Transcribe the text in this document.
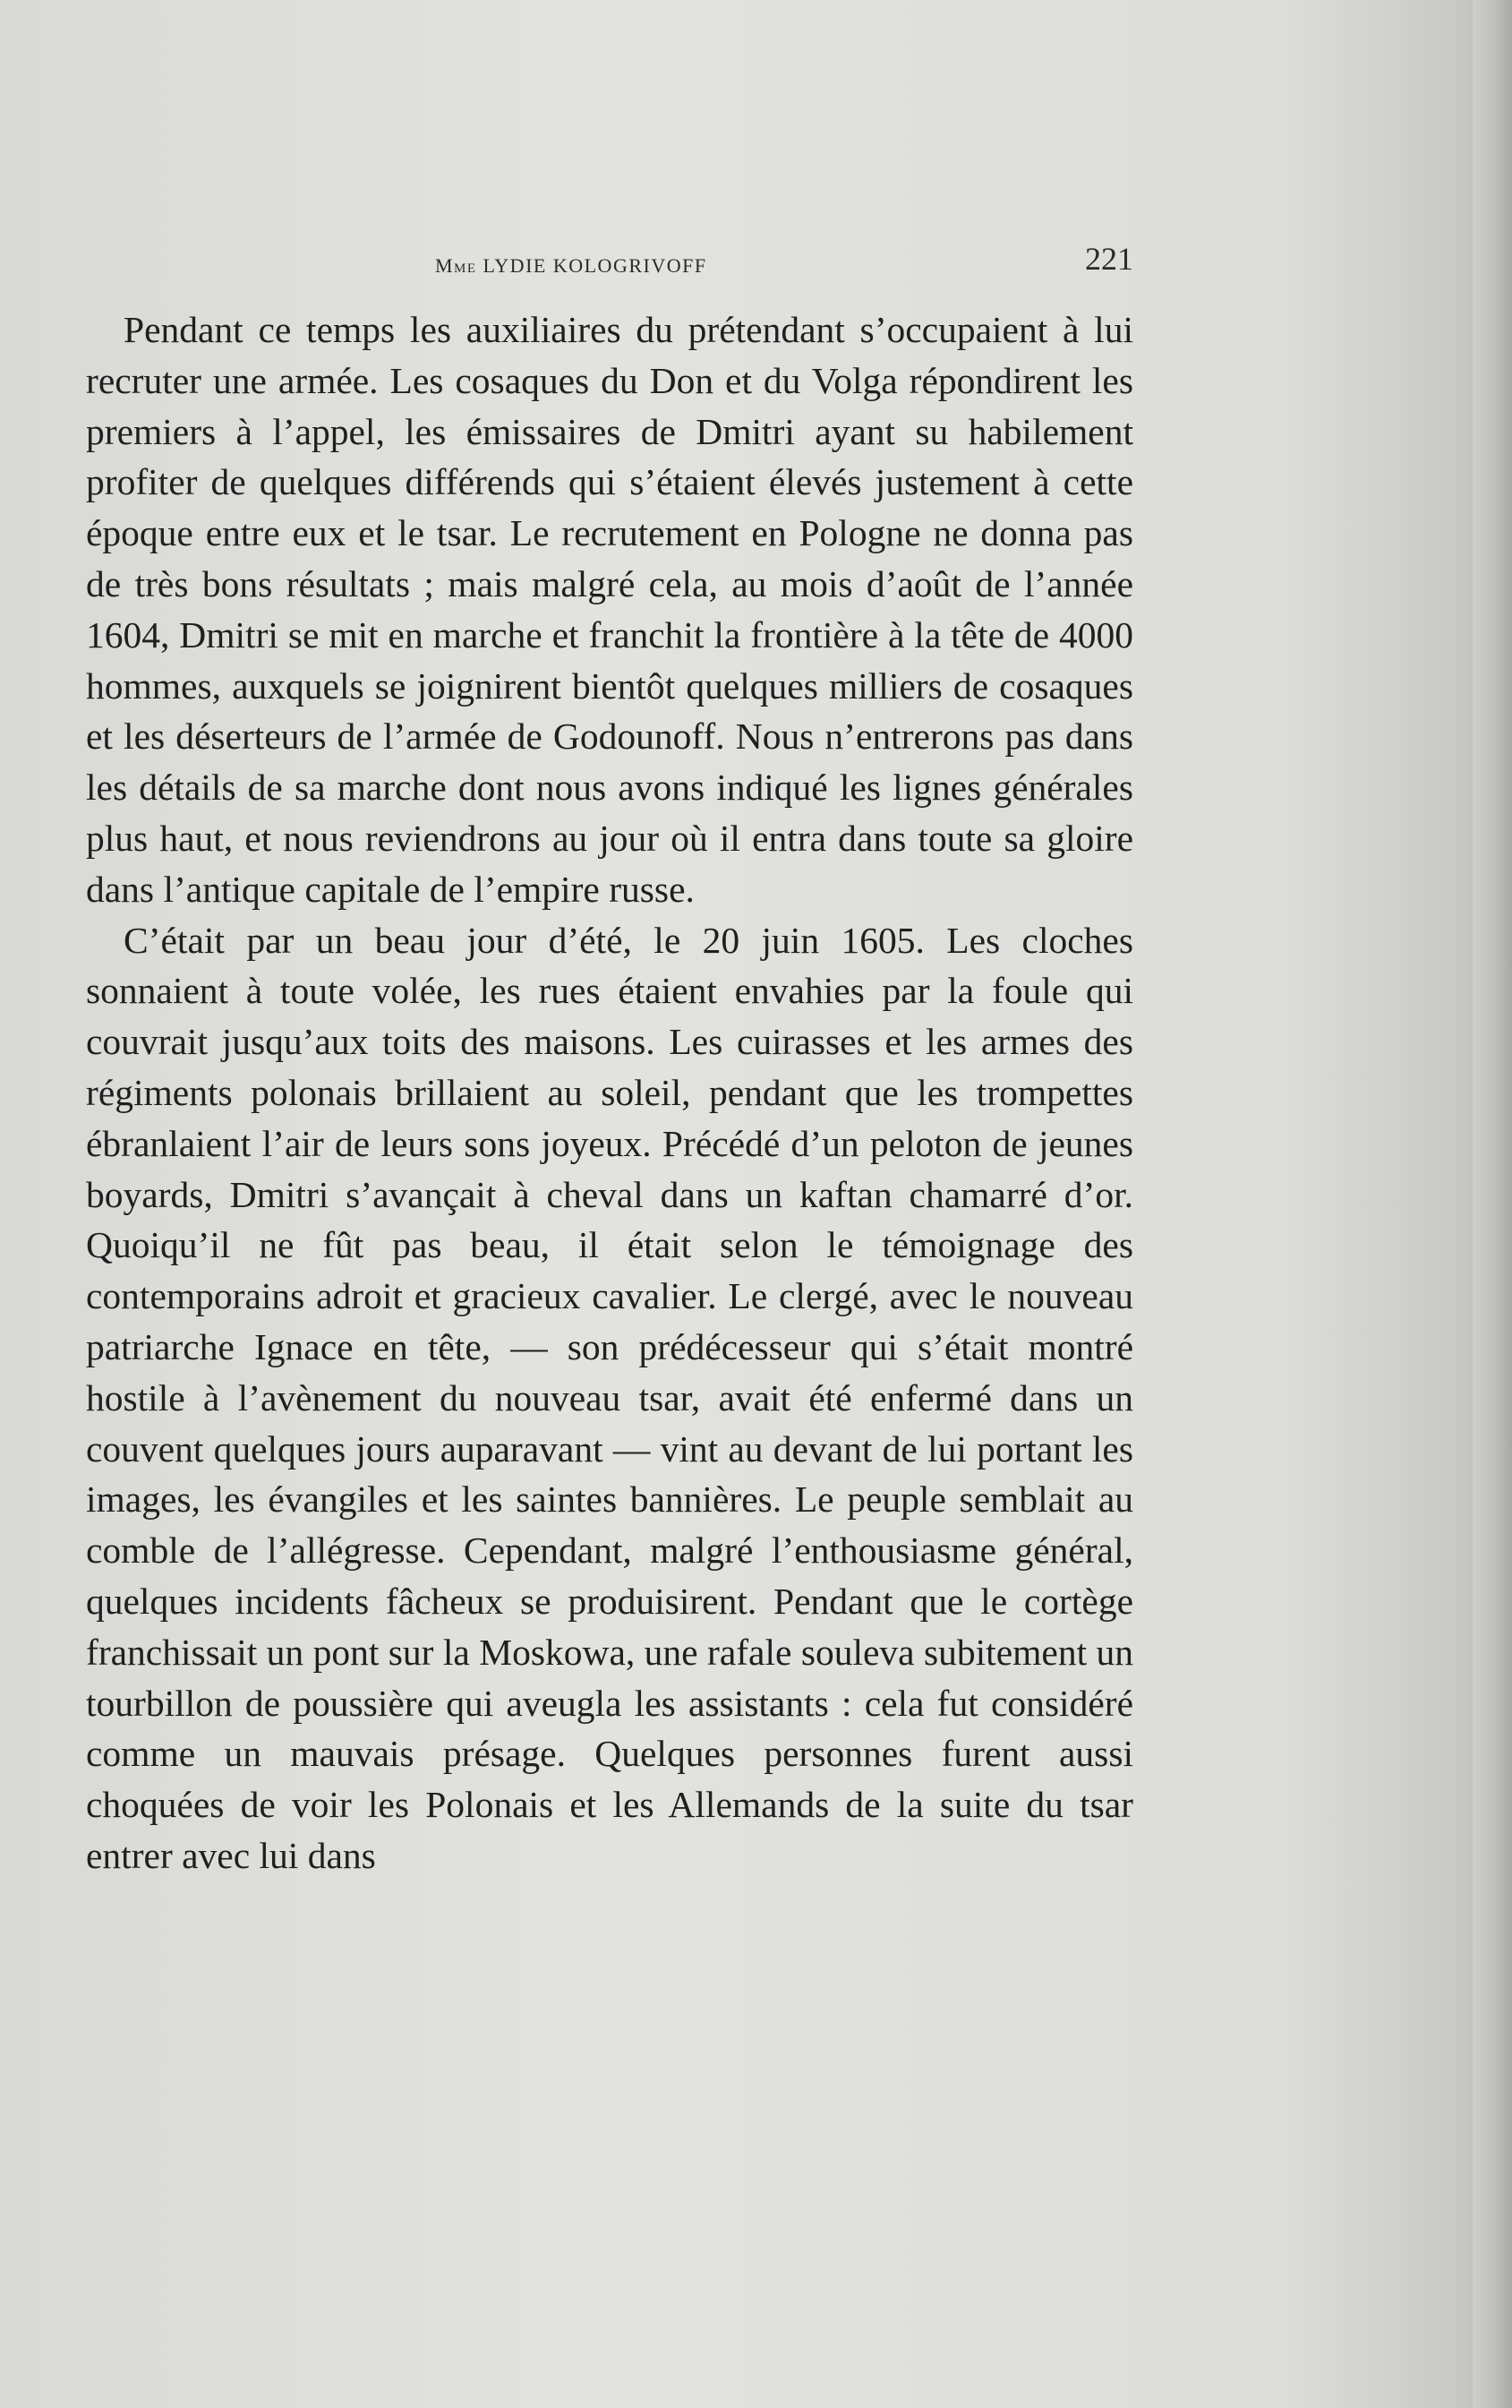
Mme LYDIE KOLOGRIVOFF	221

Pendant ce temps les auxiliaires du prétendant s’occupaient à lui recruter une armée. Les cosaques du Don et du Volga répondirent les premiers à l’appel, les émissaires de Dmitri ayant su habilement profiter de quelques différends qui s’étaient élevés justement à cette époque entre eux et le tsar. Le recrutement en Pologne ne donna pas de très bons résultats ; mais malgré cela, au mois d’août de l’année 1604, Dmitri se mit en marche et franchit la frontière à la tête de 4000 hommes, auxquels se joignirent bientôt quelques milliers de cosaques et les déserteurs de l’armée de Godounoff. Nous n’entrerons pas dans les détails de sa marche dont nous avons indiqué les lignes générales plus haut, et nous reviendrons au jour où il entra dans toute sa gloire dans l’antique capitale de l’empire russe.

C’était par un beau jour d’été, le 20 juin 1605. Les cloches sonnaient à toute volée, les rues étaient envahies par la foule qui couvrait jusqu’aux toits des maisons. Les cuirasses et les armes des régiments polonais brillaient au soleil, pendant que les trompettes ébranlaient l’air de leurs sons joyeux. Précédé d’un peloton de jeunes boyards, Dmitri s’avançait à cheval dans un kaftan chamarré d’or. Quoiqu’il ne fût pas beau, il était selon le témoignage des contemporains adroit et gracieux cavalier. Le clergé, avec le nouveau patriarche Ignace en tête, — son prédécesseur qui s’était montré hostile à l’avènement du nouveau tsar, avait été enfermé dans un couvent quelques jours auparavant — vint au devant de lui portant les images, les évangiles et les saintes bannières. Le peuple semblait au comble de l’allégresse. Cependant, malgré l’enthousiasme général, quelques incidents fâcheux se produisirent. Pendant que le cortège franchissait un pont sur la Moskowa, une rafale souleva subitement un tourbillon de poussière qui aveugla les assistants : cela fut considéré comme un mauvais présage. Quelques personnes furent aussi choquées de voir les Polonais et les Allemands de la suite du tsar entrer avec lui dans
